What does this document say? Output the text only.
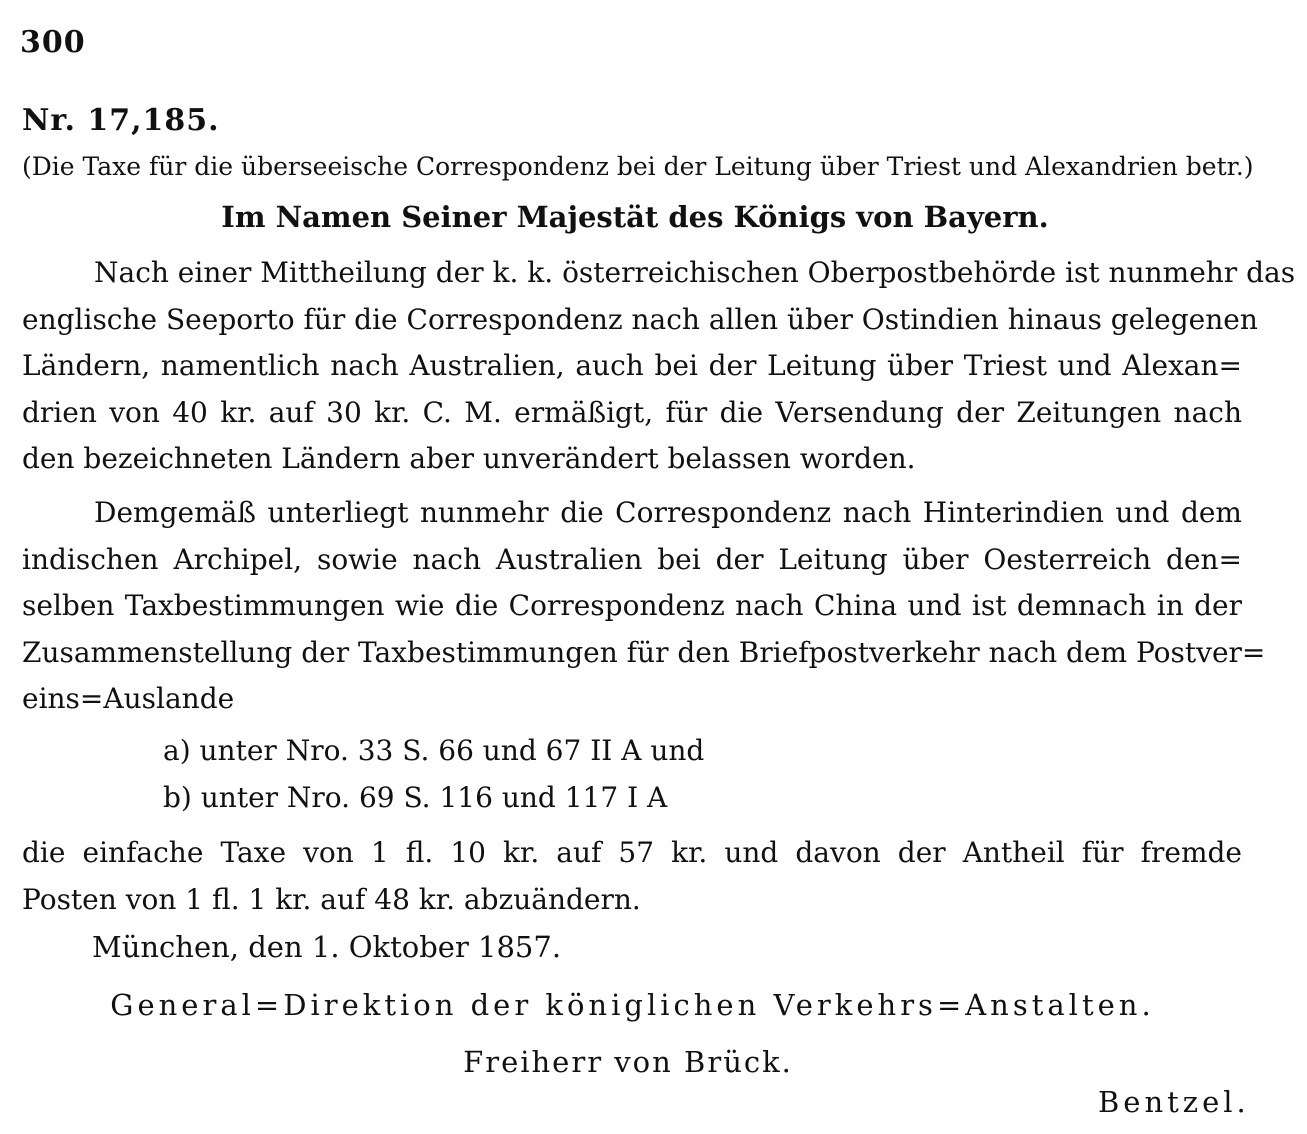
300
Nr. 17,185.
(Die Taxe für die überseeische Correspondenz bei der Leitung über Triest und Alexandrien betr.)
Im Namen Seiner Majestät des Königs von Bayern.
Nach einer Mittheilung der k. k. österreichischen Oberpostbehörde ist nunmehr das
englische Seeporto für die Correspondenz nach allen über Ostindien hinaus gelegenen
Ländern, namentlich nach Australien, auch bei der Leitung über Triest und Alexan=
drien von 40 kr. auf 30 kr. C. M. ermäßigt, für die Versendung der Zeitungen nach
den bezeichneten Ländern aber unverändert belassen worden.
Demgemäß unterliegt nunmehr die Correspondenz nach Hinterindien und dem
indischen Archipel, sowie nach Australien bei der Leitung über Oesterreich den=
selben Taxbestimmungen wie die Correspondenz nach China und ist demnach in der
Zusammenstellung der Taxbestimmungen für den Briefpostverkehr nach dem Postver=
eins=Auslande
a) unter Nro. 33 S. 66 und 67 II A und
b) unter Nro. 69 S. 116 und 117 I A
die einfache Taxe von 1 fl. 10 kr. auf 57 kr. und davon der Antheil für fremde
Posten von 1 fl. 1 kr. auf 48 kr. abzuändern.
München, den 1. Oktober 1857.
General=Direktion der königlichen Verkehrs=Anstalten.
Freiherr von Brück.
Bentzel.
